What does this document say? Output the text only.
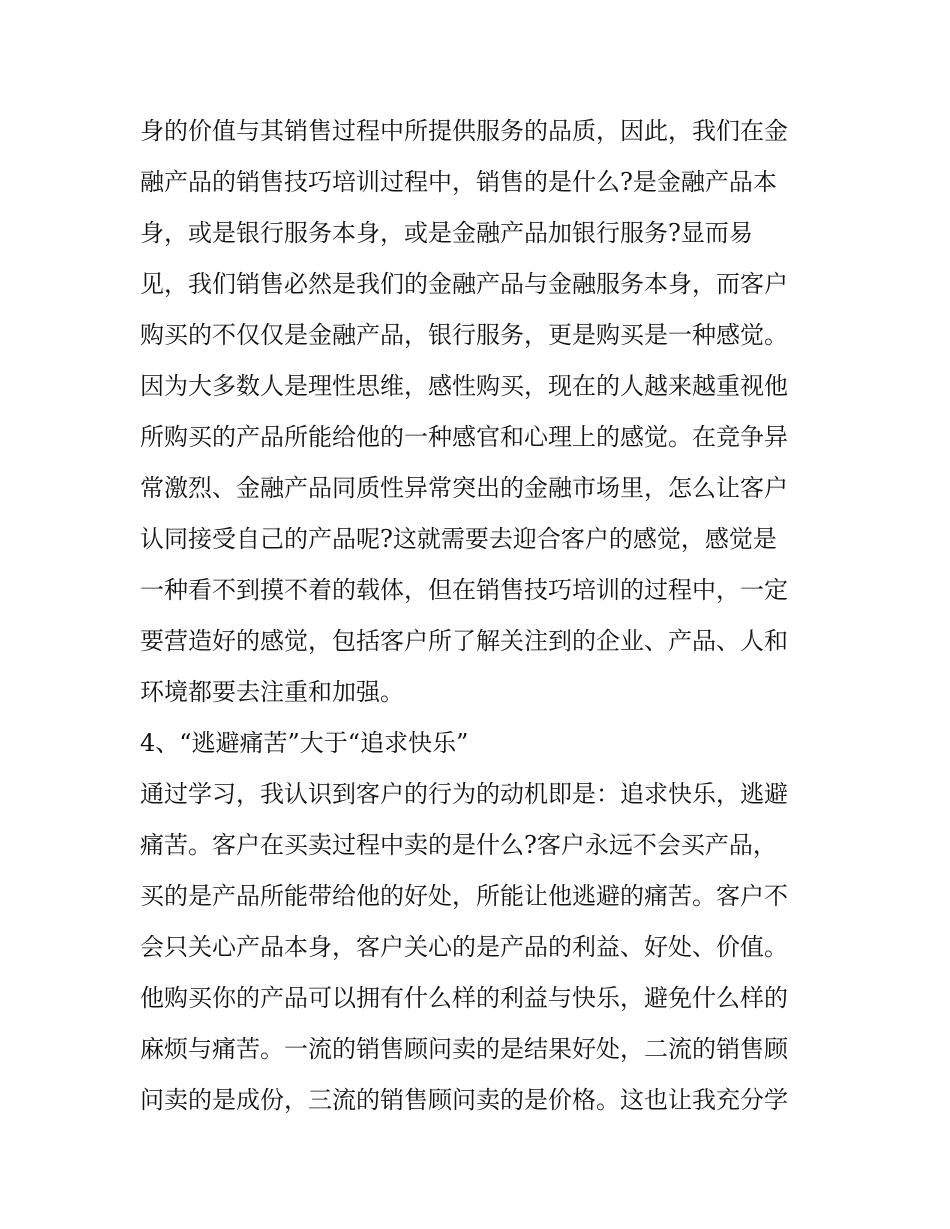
身的价值与其销售过程中所提供服务的品质，因此，我们在金
融产品的销售技巧培训过程中，销售的是什么?是金融产品本
身，或是银行服务本身，或是金融产品加银行服务?显而易
见，我们销售必然是我们的金融产品与金融服务本身，而客户
购买的不仅仅是金融产品，银行服务，更是购买是一种感觉。
因为大多数人是理性思维，感性购买，现在的人越来越重视他
所购买的产品所能给他的一种感官和心理上的感觉。在竞争异
常激烈、金融产品同质性异常突出的金融市场里，怎么让客户
认同接受自己的产品呢?这就需要去迎合客户的感觉，感觉是
一种看不到摸不着的载体，但在销售技巧培训的过程中，一定
要营造好的感觉，包括客户所了解关注到的企业、产品、人和
环境都要去注重和加强。
4、“逃避痛苦”大于“追求快乐”
通过学习，我认识到客户的行为的动机即是：追求快乐，逃避
痛苦。客户在买卖过程中卖的是什么?客户永远不会买产品，
买的是产品所能带给他的好处，所能让他逃避的痛苦。客户不
会只关心产品本身，客户关心的是产品的利益、好处、价值。
他购买你的产品可以拥有什么样的利益与快乐，避免什么样的
麻烦与痛苦。一流的销售顾问卖的是结果好处，二流的销售顾
问卖的是成份，三流的销售顾问卖的是价格。这也让我充分学
